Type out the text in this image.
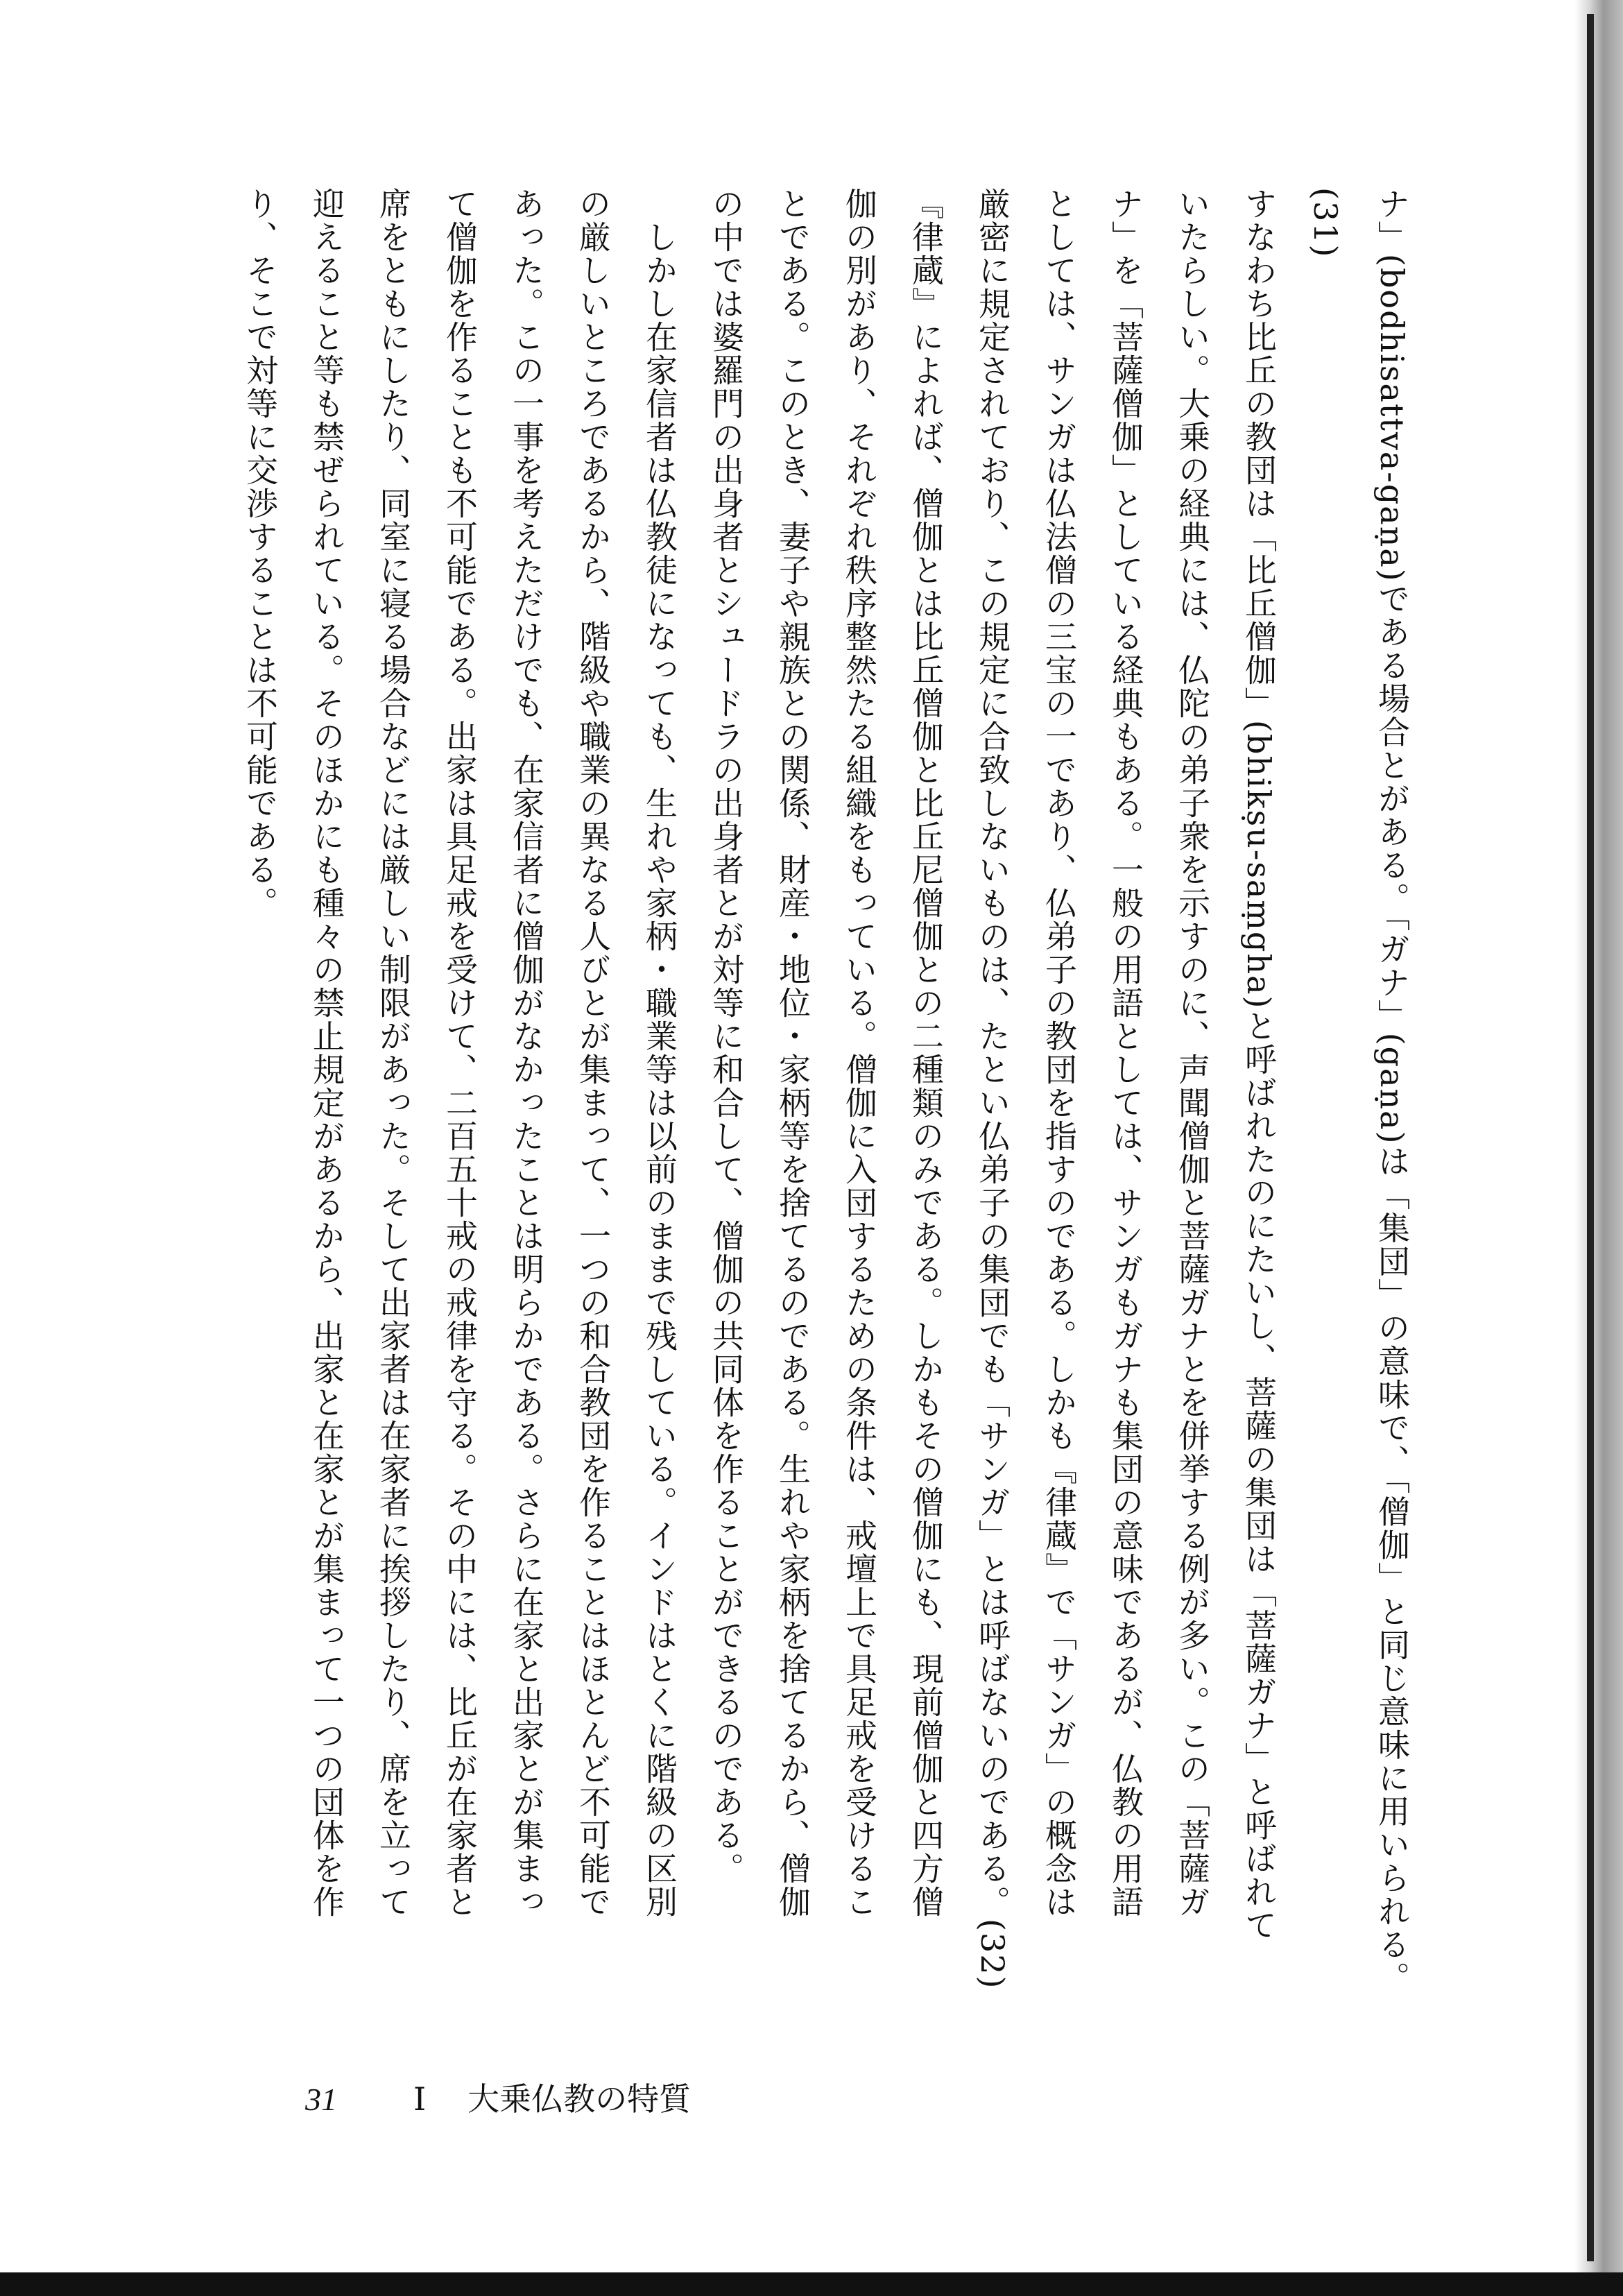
ナ」(bodhisattva-gaṇa)である場合とがある。「ガナ」(gaṇa)は「集団」の意味で、「僧伽」と同じ意味に用いられる。(31)

すなわち比丘の教団は「比丘僧伽」(bhikṣu-saṃgha)と呼ばれたのにたいし、菩薩の集団は「菩薩ガナ」と呼ばれて

いたらしい。大乗の経典には、仏陀の弟子衆を示すのに、声聞僧伽と菩薩ガナとを併挙する例が多い。この「菩薩ガ

ナ」を「菩薩僧伽」としている経典もある。一般の用語としては、サンガもガナも集団の意味であるが、仏教の用語

としては、サンガは仏法僧の三宝の一であり、仏弟子の教団を指すのである。しかも『律蔵』で「サンガ」の概念は

厳密に規定されており、この規定に合致しないものは、たとい仏弟子の集団でも「サンガ」とは呼ばないのである。(32)

『律蔵』によれば、僧伽とは比丘僧伽と比丘尼僧伽との二種類のみである。しかもその僧伽にも、現前僧伽と四方僧

伽の別があり、それぞれ秩序整然たる組織をもっている。僧伽に入団するための条件は、戒壇上で具足戒を受けるこ

とである。このとき、妻子や親族との関係、財産・地位・家柄等を捨てるのである。生れや家柄を捨てるから、僧伽

の中では婆羅門の出身者とシュードラの出身者とが対等に和合して、僧伽の共同体を作ることができるのである。

　しかし在家信者は仏教徒になっても、生れや家柄・職業等は以前のままで残している。インドはとくに階級の区別

の厳しいところであるから、階級や職業の異なる人びとが集まって、一つの和合教団を作ることはほとんど不可能で

あった。この一事を考えただけでも、在家信者に僧伽がなかったことは明らかである。さらに在家と出家とが集まっ

て僧伽を作ることも不可能である。出家は具足戒を受けて、二百五十戒の戒律を守る。その中には、比丘が在家者と

席をともにしたり、同室に寝る場合などには厳しい制限があった。そして出家者は在家者に挨拶したり、席を立って

迎えること等も禁ぜられている。そのほかにも種々の禁止規定があるから、出家と在家とが集まって一つの団体を作

り、そこで対等に交渉することは不可能である。

31 I 大乗仏教の特質
